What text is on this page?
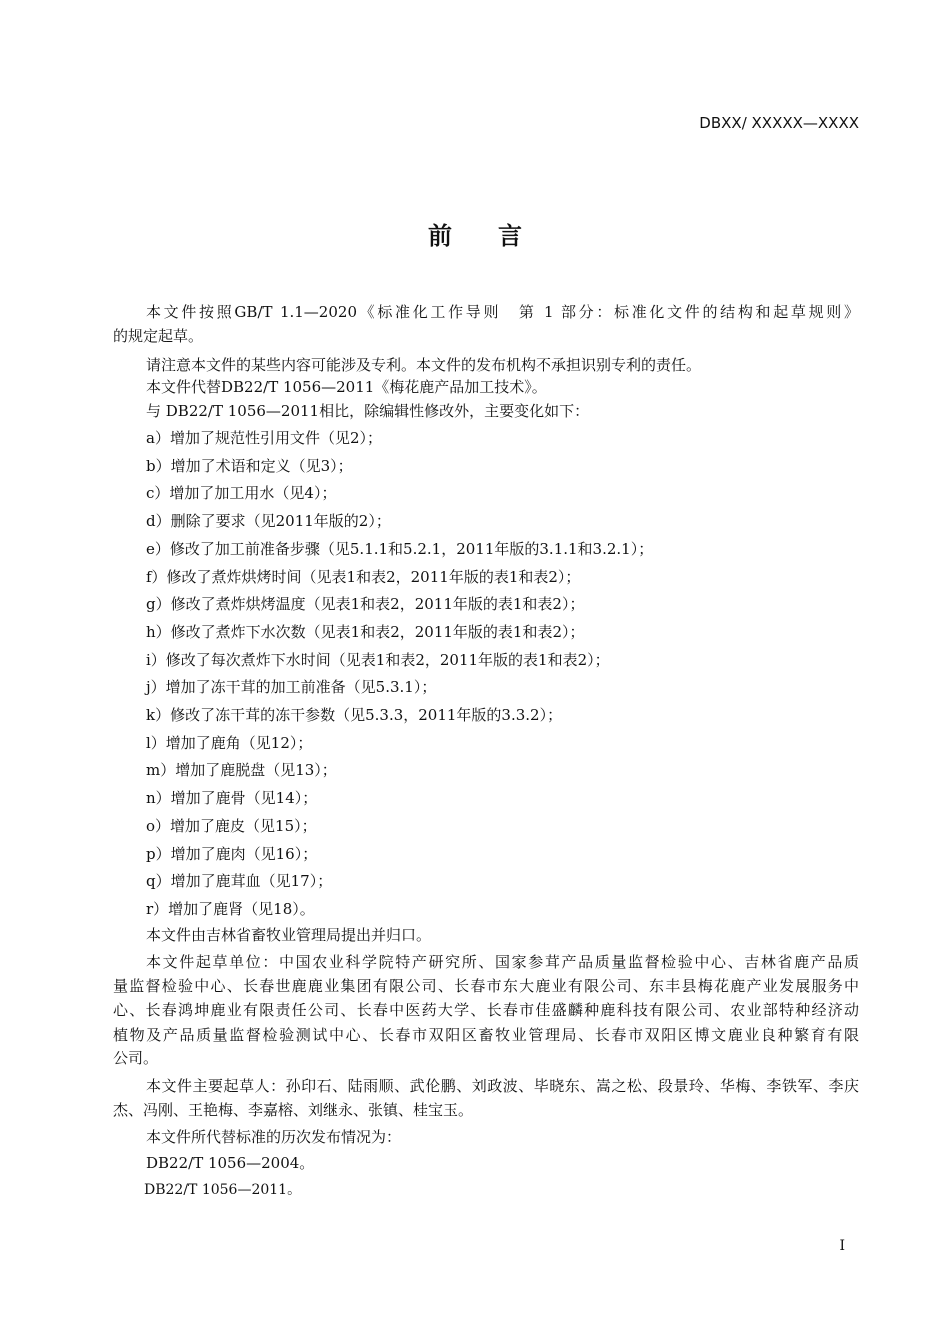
DBXX/ XXXXX—XXXX
前言
本文件按照GB/T 1.1—2020《标准化工作导则　第 1 部分：标准化文件的结构和起草规则》
的规定起草。
请注意本文件的某些内容可能涉及专利。本文件的发布机构不承担识别专利的责任。
本文件代替DB22/T 1056—2011《梅花鹿产品加工技术》。
与 DB22/T 1056—2011相比，除编辑性修改外，主要变化如下：
a）增加了规范性引用文件（见2）；
b）增加了术语和定义（见3）；
c）增加了加工用水（见4）；
d）删除了要求（见2011年版的2）；
e）修改了加工前准备步骤（见5.1.1和5.2.1，2011年版的3.1.1和3.2.1）；
f）修改了煮炸烘烤时间（见表1和表2，2011年版的表1和表2）；
g）修改了煮炸烘烤温度（见表1和表2，2011年版的表1和表2）；
h）修改了煮炸下水次数（见表1和表2，2011年版的表1和表2）；
i）修改了每次煮炸下水时间（见表1和表2，2011年版的表1和表2）；
j）增加了冻干茸的加工前准备（见5.3.1）；
k）修改了冻干茸的冻干参数（见5.3.3，2011年版的3.3.2）；
l）增加了鹿角（见12）；
m）增加了鹿脱盘（见13）；
n）增加了鹿骨（见14）；
o）增加了鹿皮（见15）；
p）增加了鹿肉（见16）；
q）增加了鹿茸血（见17）；
r）增加了鹿肾（见18）。
本文件由吉林省畜牧业管理局提出并归口。
本文件起草单位：中国农业科学院特产研究所、国家参茸产品质量监督检验中心、吉林省鹿产品质
量监督检验中心、长春世鹿鹿业集团有限公司、长春市东大鹿业有限公司、东丰县梅花鹿产业发展服务中
心、长春鸿坤鹿业有限责任公司、长春中医药大学、长春市佳盛麟种鹿科技有限公司、农业部特种经济动
植物及产品质量监督检验测试中心、长春市双阳区畜牧业管理局、长春市双阳区博文鹿业良种繁育有限
公司。
本文件主要起草人：孙印石、陆雨顺、武伦鹏、刘政波、毕晓东、嵩之松、段景玲、华梅、李铁军、李庆
杰、冯刚、王艳梅、李嘉榕、刘继永、张镇、桂宝玉。
本文件所代替标准的历次发布情况为：
DB22/T 1056—2004。
DB22/T 1056—2011。
I
